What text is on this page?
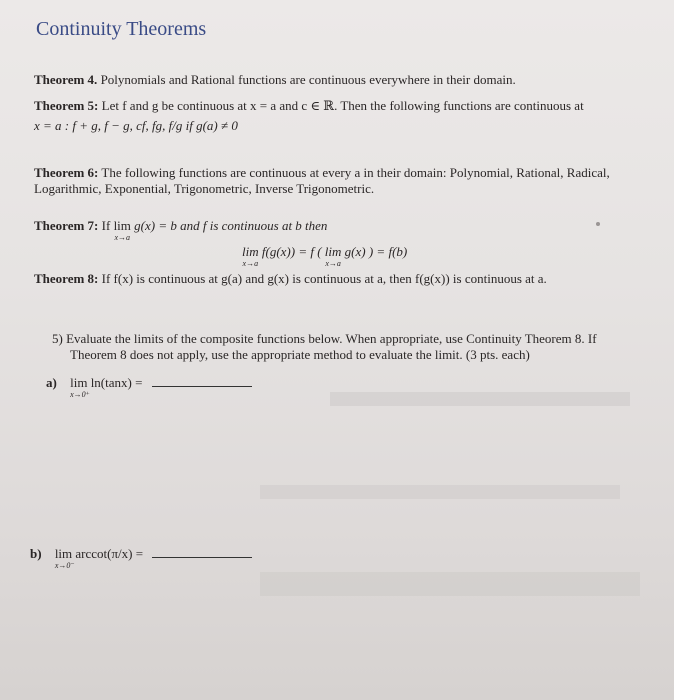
Continuity Theorems
Theorem 4. Polynomials and Rational functions are continuous everywhere in their domain.
Theorem 5: Let f and g be continuous at x = a and c ∈ ℝ. Then the following functions are continuous at
x = a : f + g, f − g, cf, fg, f/g if g(a) ≠ 0
Theorem 6: The following functions are continuous at every a in their domain: Polynomial, Rational, Radical,
Logarithmic, Exponential, Trigonometric, Inverse Trigonometric.
Theorem 7: If lim
x→a
g(x) = b and f is continuous at b then
lim
x→a
f(g(x)) = f ( lim
x→a
g(x) ) = f(b)
Theorem 8: If f(x) is continuous at g(a) and g(x) is continuous at a, then f(g(x)) is continuous at a.
5) Evaluate the limits of the composite functions below. When appropriate, use Continuity Theorem 8. If
Theorem 8 does not apply, use the appropriate method to evaluate the limit. (3 pts. each)
a) lim
x→0⁺
ln(tanx) =
b) lim
x→0⁻
arccot(π/x) =
